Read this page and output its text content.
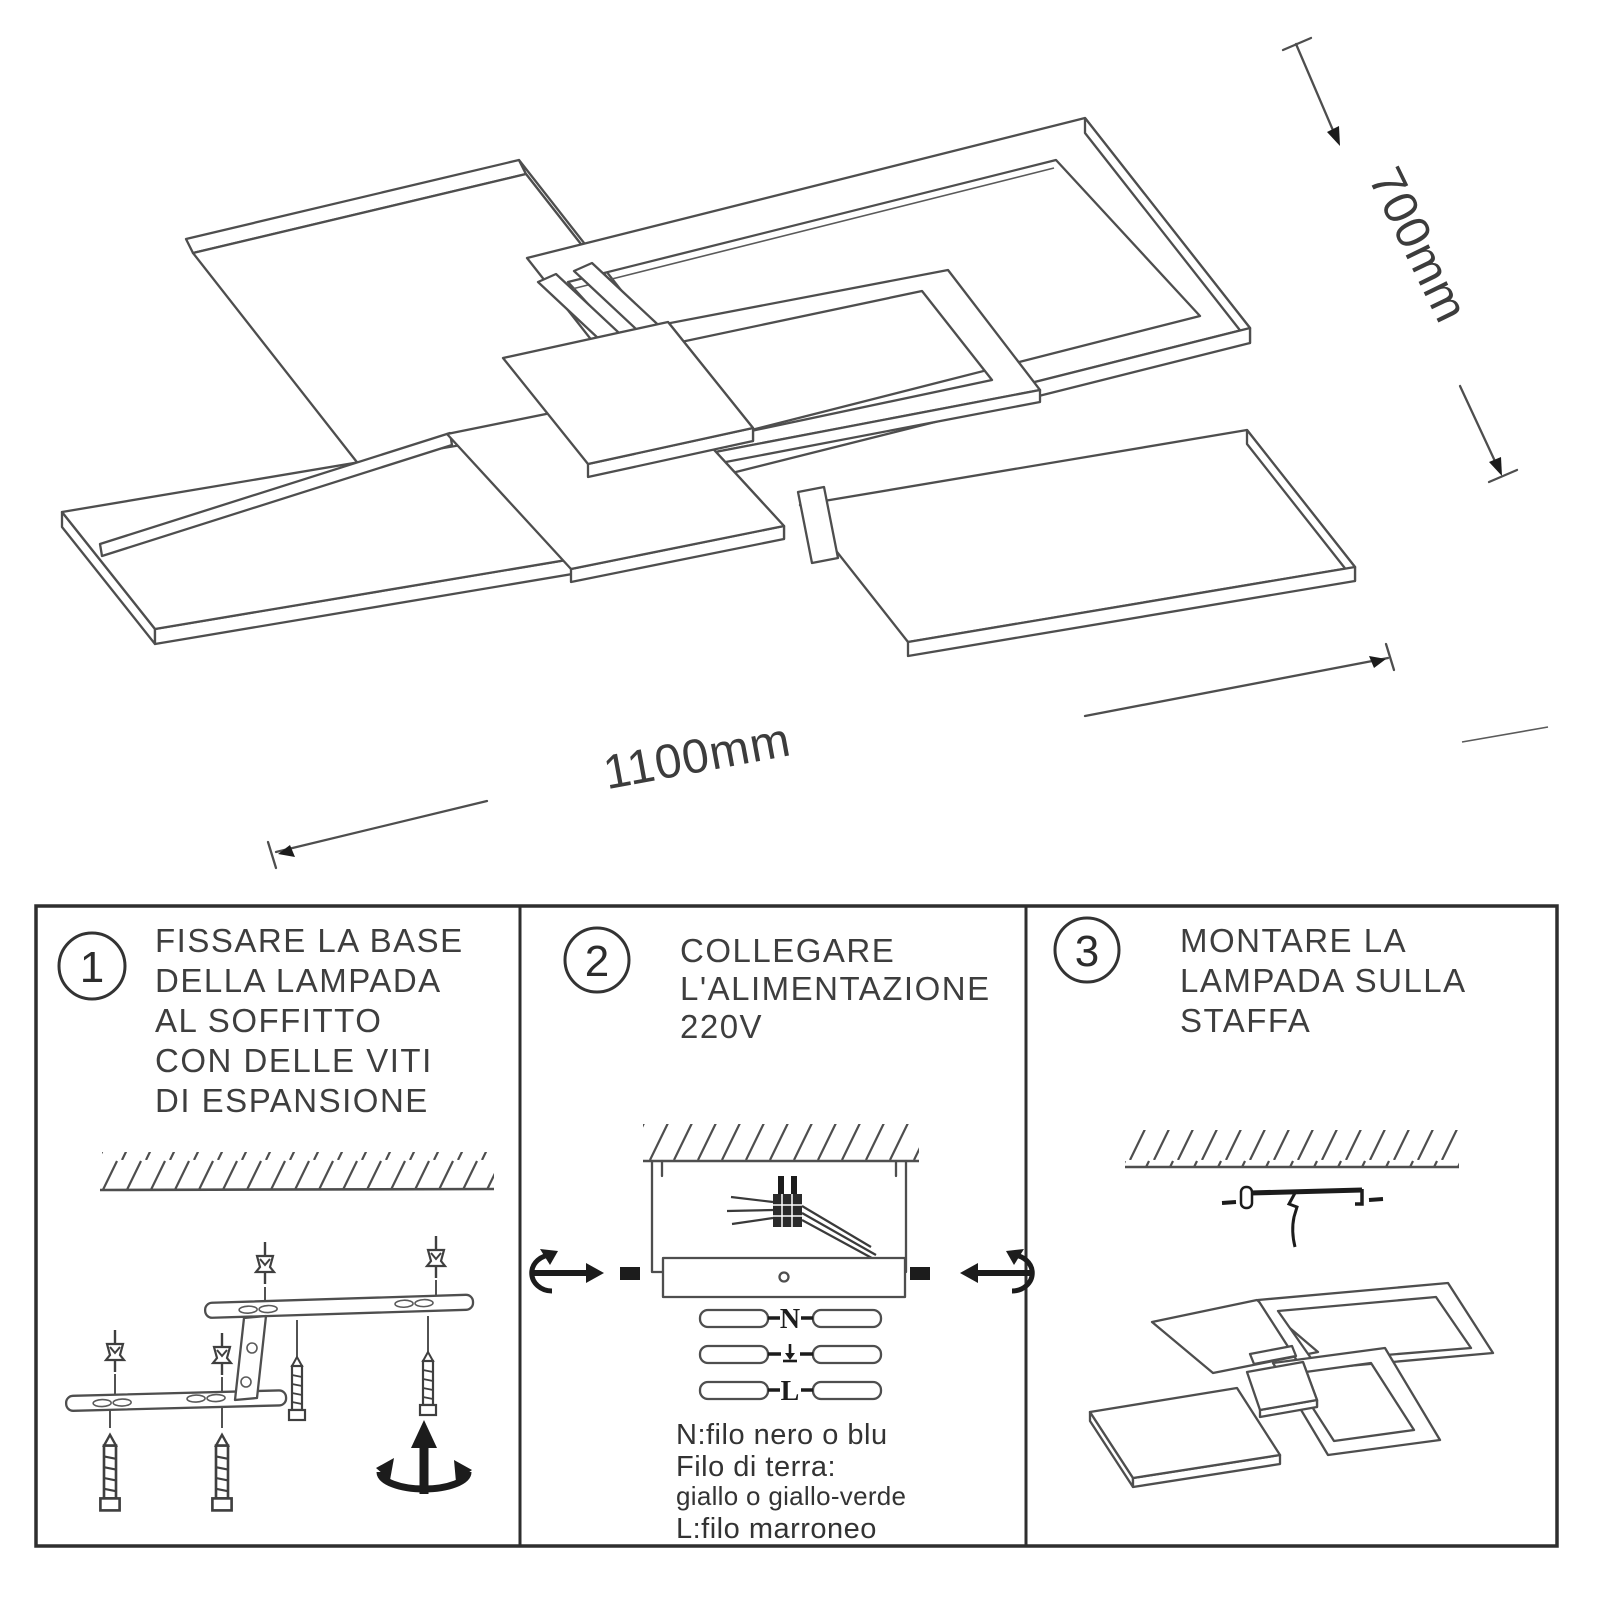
700mm
1100mm
1
FISSARE LA BASE
DELLA LAMPADA
AL SOFFITTO
CON DELLE VITI
DI ESPANSIONE
2 COLLEGARE
L'ALIMENTAZIONE
220V
N
L
N:filo nero o blu
Filo di terra:
giallo o giallo-verde
L:filo marroneo
3 MONTARE LA
LAMPADA SULLA
STAFFA
